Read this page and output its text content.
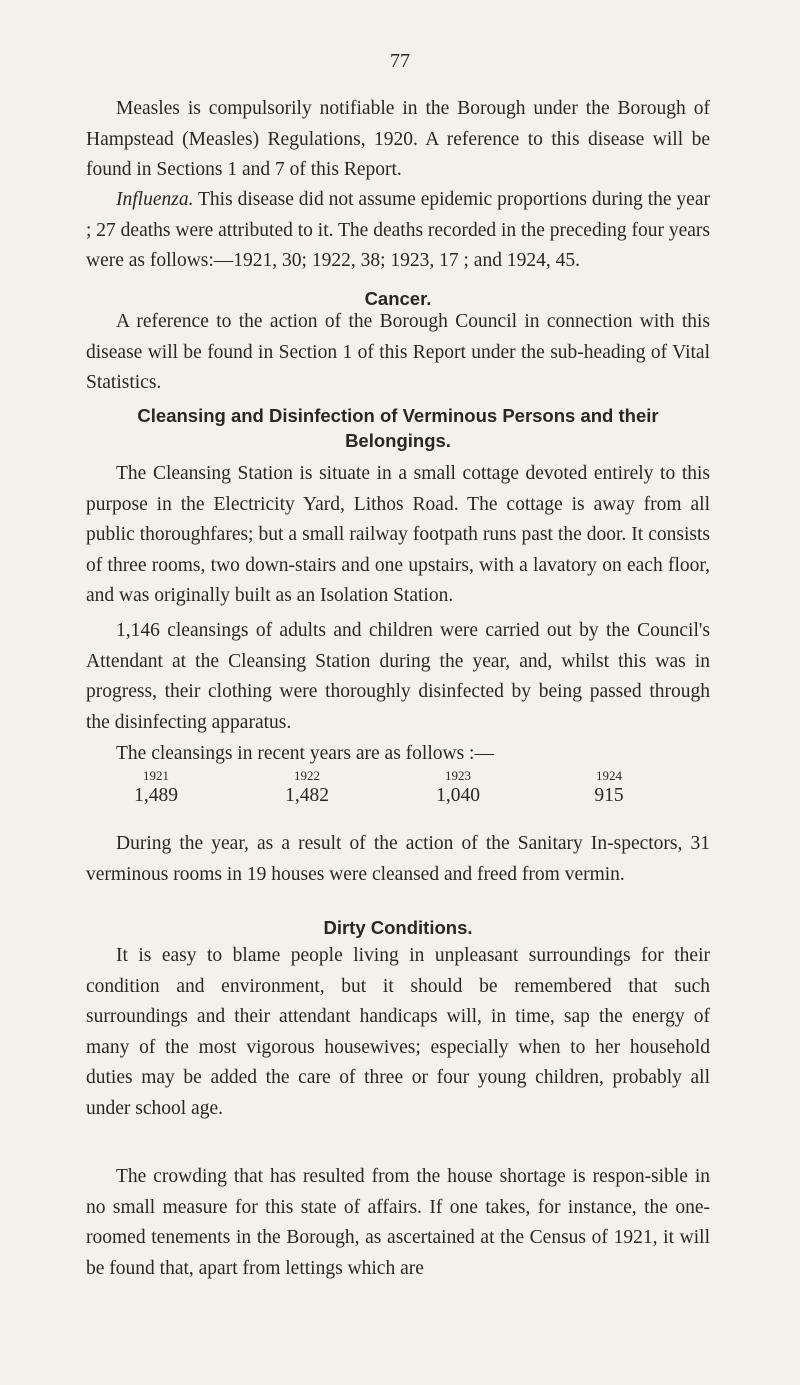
77

Measles is compulsorily notifiable in the Borough under the Borough of Hampstead (Measles) Regulations, 1920. A reference to this disease will be found in Sections 1 and 7 of this Report.

Influenza. This disease did not assume epidemic proportions during the year ; 27 deaths were attributed to it. The deaths recorded in the preceding four years were as follows:—1921, 30; 1922, 38; 1923, 17 ; and 1924, 45.

Cancer.

A reference to the action of the Borough Council in connection with this disease will be found in Section 1 of this Report under the sub-heading of Vital Statistics.

Cleansing and Disinfection of Verminous Persons and their Belongings.

The Cleansing Station is situate in a small cottage devoted entirely to this purpose in the Electricity Yard, Lithos Road. The cottage is away from all public thoroughfares; but a small railway footpath runs past the door. It consists of three rooms, two down-stairs and one upstairs, with a lavatory on each floor, and was originally built as an Isolation Station.

1,146 cleansings of adults and children were carried out by the Council's Attendant at the Cleansing Station during the year, and, whilst this was in progress, their clothing were thoroughly disinfected by being passed through the disinfecting apparatus.

The cleansings in recent years are as follows :—

1921	1922	1923	1924
1,489	1,482	1,040	915

During the year, as a result of the action of the Sanitary In-spectors, 31 verminous rooms in 19 houses were cleansed and freed from vermin.

Dirty Conditions.

It is easy to blame people living in unpleasant surroundings for their condition and environment, but it should be remembered that such surroundings and their attendant handicaps will, in time, sap the energy of many of the most vigorous housewives; especially when to her household duties may be added the care of three or four young children, probably all under school age.

The crowding that has resulted from the house shortage is respon-sible in no small measure for this state of affairs. If one takes, for instance, the one-roomed tenements in the Borough, as ascertained at the Census of 1921, it will be found that, apart from lettings which are
